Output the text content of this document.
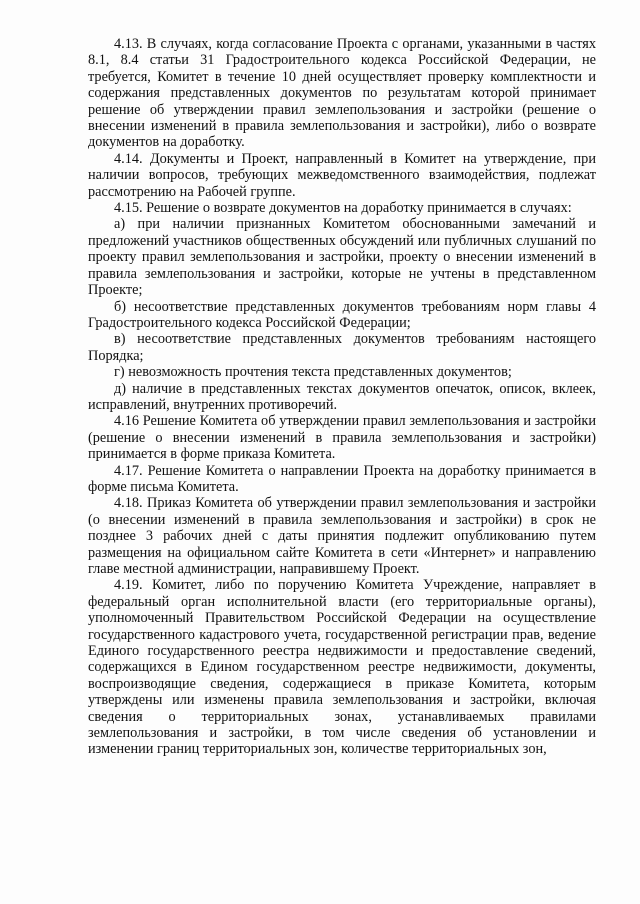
4.13. В случаях, когда согласование Проекта с органами, указанными в частях 8.1, 8.4 статьи 31 Градостроительного кодекса Российской Федерации, не требуется, Комитет в течение 10 дней осуществляет проверку комплектности и содержания представленных документов по результатам которой принимает решение об утверждении правил землепользования и застройки (решение о внесении изменений в правила землепользования и застройки), либо о возврате документов на доработку.

4.14. Документы и Проект, направленный в Комитет на утверждение, при наличии вопросов, требующих межведомственного взаимодействия, подлежат рассмотрению на Рабочей группе.

4.15. Решение о возврате документов на доработку принимается в случаях:

а) при наличии признанных Комитетом обоснованными замечаний и предложений участников общественных обсуждений или публичных слушаний по проекту правил землепользования и застройки, проекту о внесении изменений в правила землепользования и застройки, которые не учтены в представленном Проекте;

б) несоответствие представленных документов требованиям норм главы 4 Градостроительного кодекса Российской Федерации;

в) несоответствие представленных документов требованиям настоящего Порядка;

г) невозможность прочтения текста представленных документов;

д) наличие в представленных текстах документов опечаток, описок, вклеек, исправлений, внутренних противоречий.

4.16 Решение Комитета об утверждении правил землепользования и застройки (решение о внесении изменений в правила землепользования и застройки) принимается в форме приказа Комитета.

4.17. Решение Комитета о направлении Проекта на доработку принимается в форме письма Комитета.

4.18. Приказ Комитета об утверждении правил землепользования и застройки (о внесении изменений в правила землепользования и застройки) в срок не позднее 3 рабочих дней с даты принятия подлежит опубликованию путем размещения на официальном сайте Комитета в сети «Интернет» и направлению главе местной администрации, направившему Проект.

4.19. Комитет, либо по поручению Комитета Учреждение, направляет в федеральный орган исполнительной власти (его территориальные органы), уполномоченный Правительством Российской Федерации на осуществление государственного кадастрового учета, государственной регистрации прав, ведение Единого государственного реестра недвижимости и предоставление сведений, содержащихся в Едином государственном реестре недвижимости, документы, воспроизводящие сведения, содержащиеся в приказе Комитета, которым утверждены или изменены правила землепользования и застройки, включая сведения о территориальных зонах, устанавливаемых правилами землепользования и застройки, в том числе сведения об установлении и изменении границ территориальных зон, количестве территориальных зон,
